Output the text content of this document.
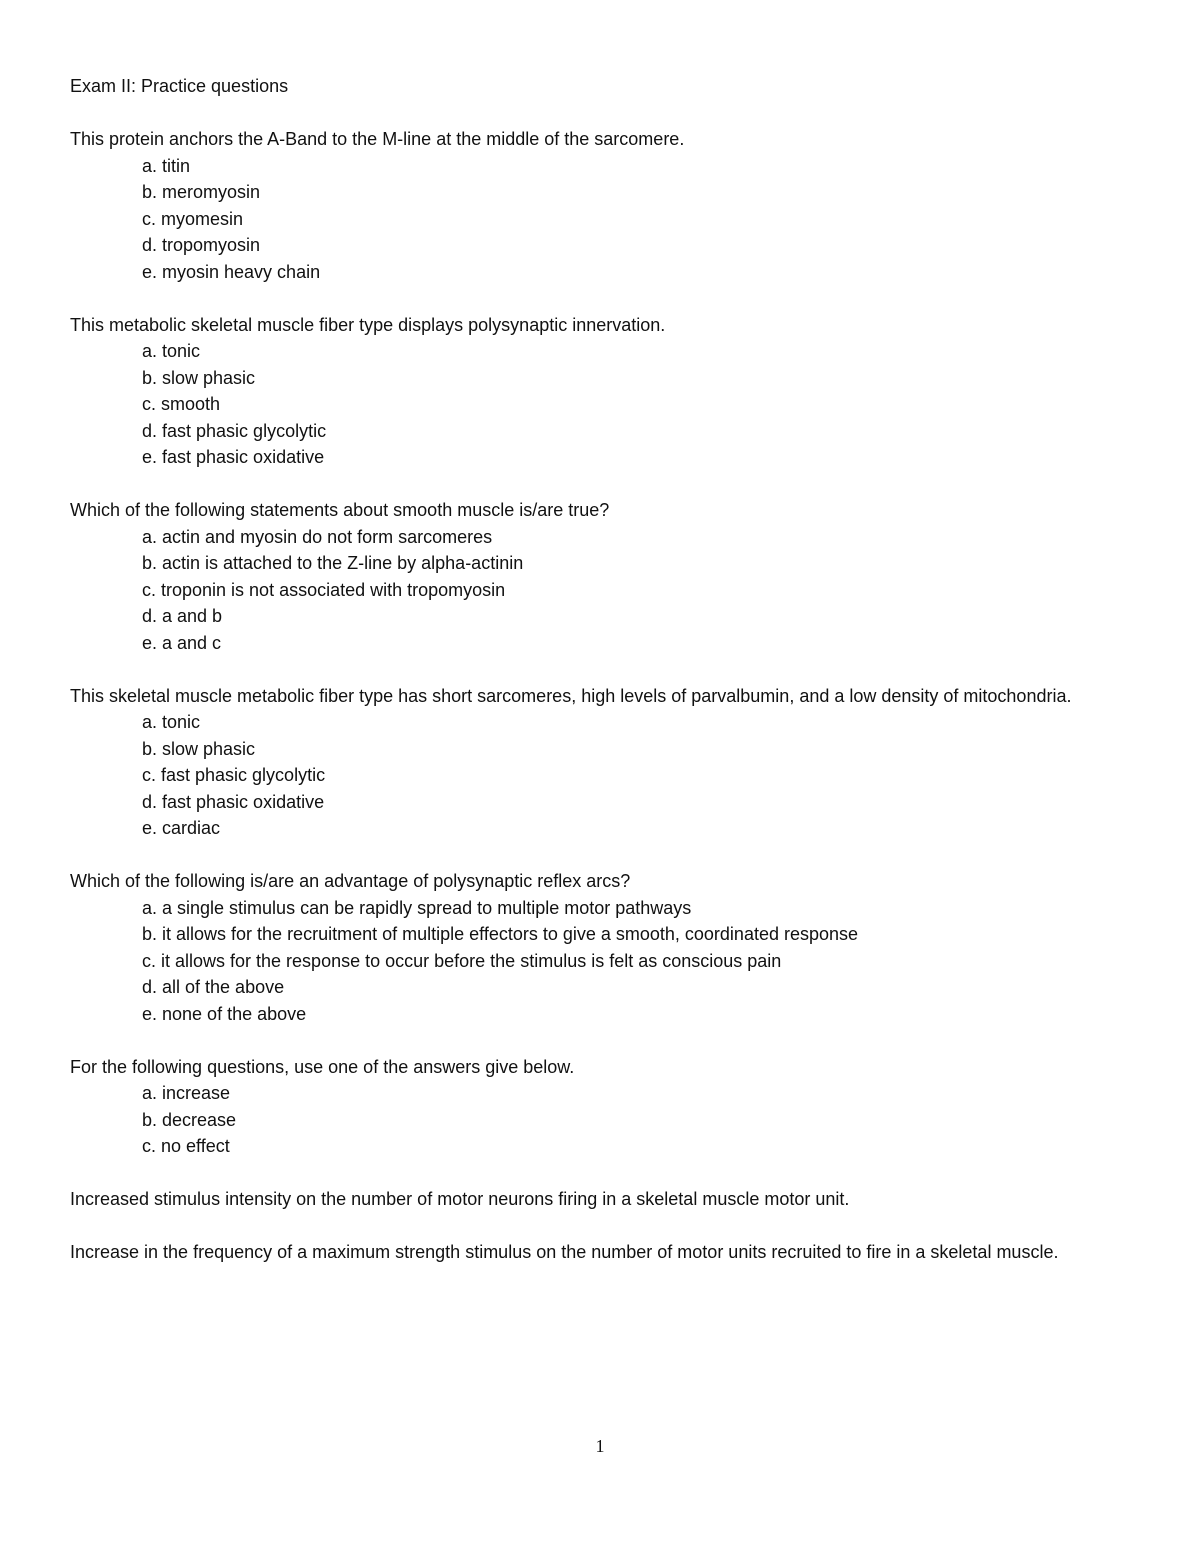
Exam II: Practice questions
This protein anchors the A-Band to the M-line at the middle of the sarcomere.
a. titin
b. meromyosin
c. myomesin
d. tropomyosin
e. myosin heavy chain
This metabolic skeletal muscle fiber type displays polysynaptic innervation.
a. tonic
b. slow phasic
c. smooth
d. fast phasic glycolytic
e. fast phasic oxidative
Which of the following statements about smooth muscle is/are true?
a. actin and myosin do not form sarcomeres
b. actin is attached to the Z-line by alpha-actinin
c. troponin is not associated with tropomyosin
d. a and b
e. a and c
This skeletal muscle metabolic fiber type has short sarcomeres, high levels of parvalbumin, and a low density of mitochondria.
a. tonic
b. slow phasic
c. fast phasic glycolytic
d. fast phasic oxidative
e. cardiac
Which of the following is/are an advantage of polysynaptic reflex arcs?
a. a single stimulus can be rapidly spread to multiple motor pathways
b. it allows for the recruitment of multiple effectors to give a smooth, coordinated response
c. it allows for the response to occur before the stimulus is felt as conscious pain
d. all of the above
e. none of the above
For the following questions, use one of the answers give below.
a. increase
b. decrease
c. no effect
Increased stimulus intensity on the number of motor neurons firing in a skeletal muscle motor unit.
Increase in the frequency of a maximum strength stimulus on the number of motor units recruited to fire in a skeletal muscle.
1
